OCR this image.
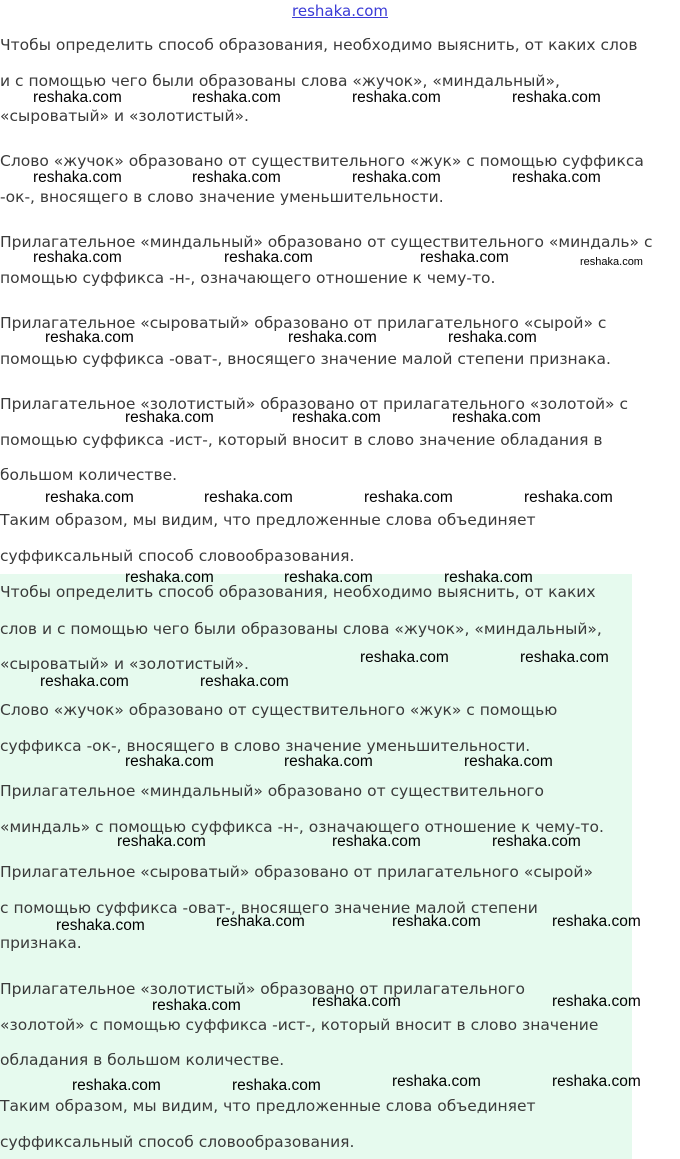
reshaka.com
Чтобы определить способ образования, необходимо выяснить, от каких слов
и с помощью чего были образованы слова «жучок», «миндальный»,
«сыроватый» и «золотистый».
Слово «жучок» образовано от существительного «жук» с помощью суффикса
-ок-, вносящего в слово значение уменьшительности.
Прилагательное «миндальный» образовано от существительного «миндаль» с
помощью суффикса -н-, означающего отношение к чему-то.
Прилагательное «сыроватый» образовано от прилагательного «сырой» с
помощью суффикса -оват-, вносящего значение малой степени признака.
Прилагательное «золотистый» образовано от прилагательного «золотой» с
помощью суффикса -ист-, который вносит в слово значение обладания в
большом количестве.
Таким образом, мы видим, что предложенные слова объединяет
суффиксальный способ словообразования.
Чтобы определить способ образования, необходимо выяснить, от каких
слов и с помощью чего были образованы слова «жучок», «миндальный»,
«сыроватый» и «золотистый».
Слово «жучок» образовано от существительного «жук» с помощью
суффикса -ок-, вносящего в слово значение уменьшительности.
Прилагательное «миндальный» образовано от существительного
«миндаль» с помощью суффикса -н-, означающего отношение к чему-то.
Прилагательное «сыроватый» образовано от прилагательного «сырой»
с помощью суффикса -оват-, вносящего значение малой степени
признака.
Прилагательное «золотистый» образовано от прилагательного
«золотой» с помощью суффикса -ист-, который вносит в слово значение
обладания в большом количестве.
Таким образом, мы видим, что предложенные слова объединяет
суффиксальный способ словообразования.
reshaka.com	reshaka.com	reshaka.com	reshaka.com
reshaka.com	reshaka.com	reshaka.com	reshaka.com
reshaka.com	reshaka.com	reshaka.com	reshaka.com
reshaka.com	reshaka.com	reshaka.com
reshaka.com	reshaka.com	reshaka.com
reshaka.com	reshaka.com	reshaka.com	reshaka.com
reshaka.com	reshaka.com	reshaka.com
reshaka.com	reshaka.com
reshaka.com	reshaka.com
reshaka.com	reshaka.com	reshaka.com
reshaka.com	reshaka.com	reshaka.com
reshaka.com	reshaka.com	reshaka.com
reshaka.com
reshaka.com	reshaka.com
reshaka.com
reshaka.com	reshaka.com
reshaka.com	reshaka.com
